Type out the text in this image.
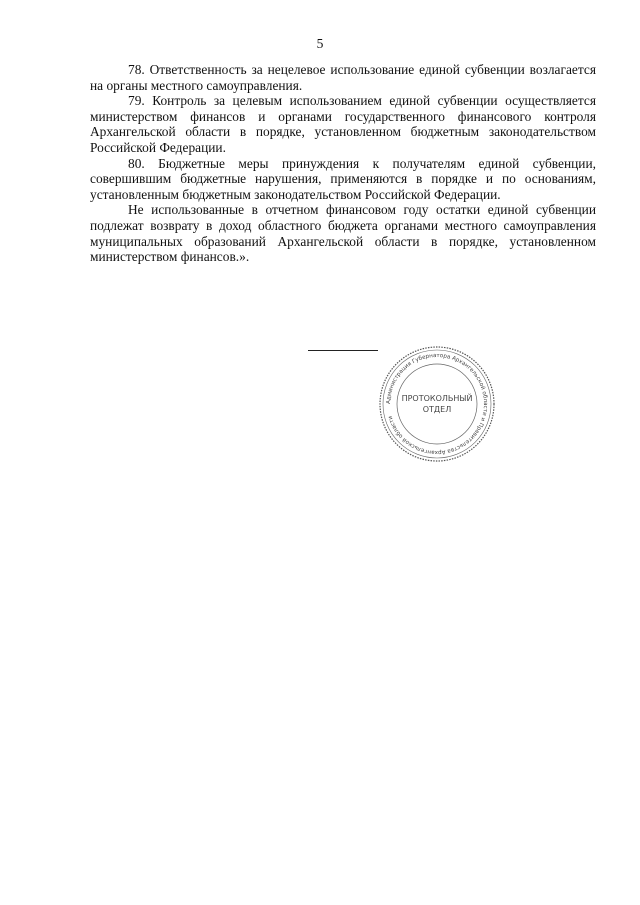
5

78. Ответственность за нецелевое использование единой субвенции возлагается на органы местного самоуправления.

79. Контроль за целевым использованием единой субвенции осуществляется министерством финансов и органами государственного финансового контроля Архангельской области в порядке, установленном бюджетным законодательством Российской Федерации.

80. Бюджетные меры принуждения к получателям единой субвенции, совершившим бюджетные нарушения, применяются в порядке и по основаниям, установленным бюджетным законодательством Российской Федерации.

Не использованные в отчетном финансовом году остатки единой субвенции подлежат возврату в доход областного бюджета органами местного самоуправления муниципальных образований Архангельской области в порядке, установленном министерством финансов.».

Администрация Губернатора Архангельской области и Правительства Архангельской области
ПРОТОКОЛЬНЫЙ
ОТДЕЛ
